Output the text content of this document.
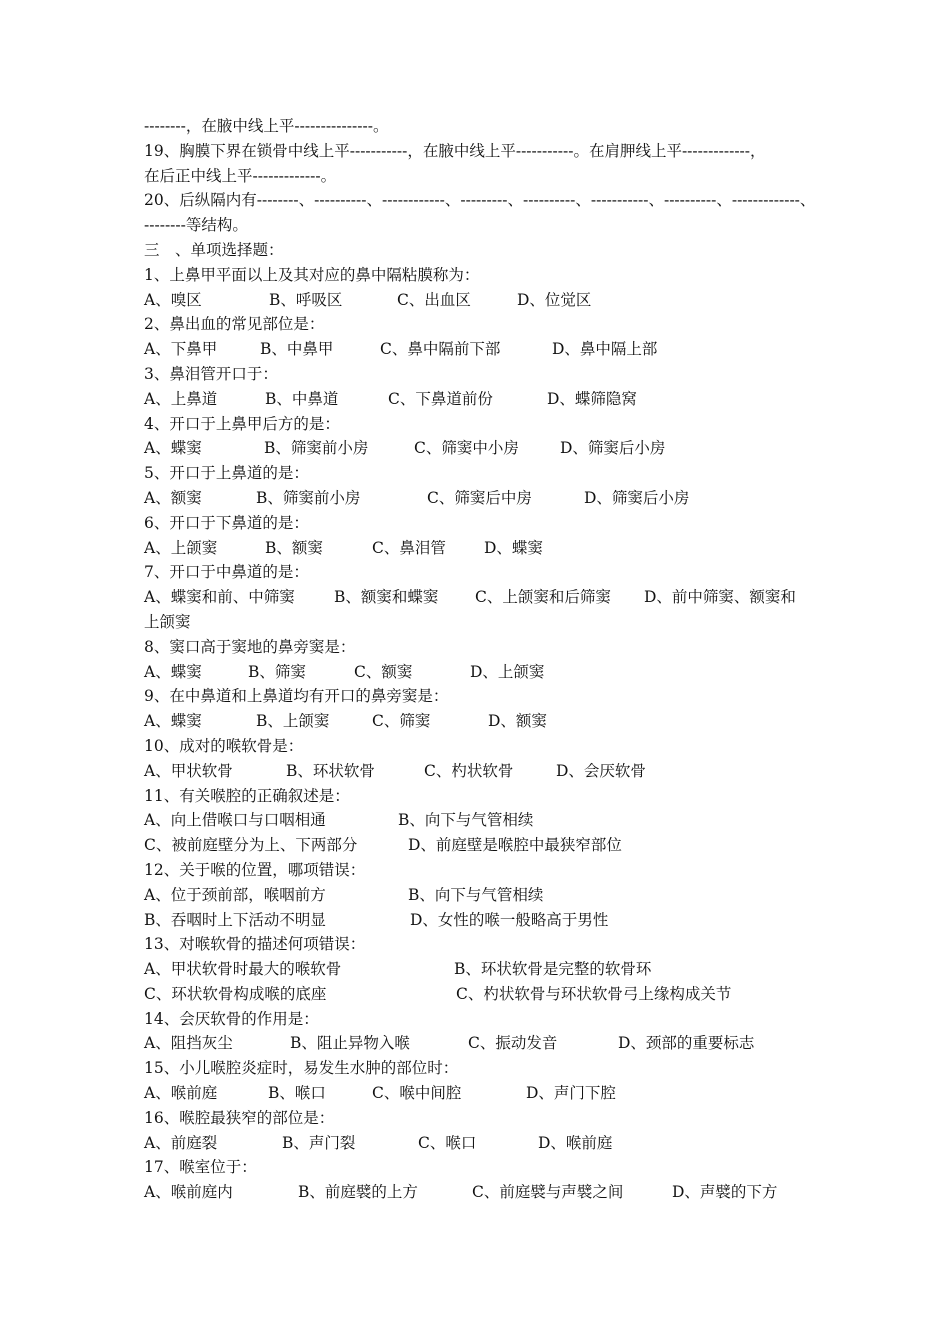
--------，在腋中线上平---------------。
19、胸膜下界在锁骨中线上平-----------，在腋中线上平-----------。在肩胛线上平-------------，
在后正中线上平-------------。
20、后纵隔内有--------、----------、------------、---------、----------、-----------、----------、-------------、
--------等结构。
三　、单项选择题：
1、上鼻甲平面以上及其对应的鼻中隔粘膜称为：
A、嗅区	B、呼吸区	C、出血区	D、位觉区
2、鼻出血的常见部位是：
A、下鼻甲	B、中鼻甲	C、鼻中隔前下部	D、鼻中隔上部
3、鼻泪管开口于：
A、上鼻道	B、中鼻道	C、下鼻道前份	D、蝶筛隐窝
4、开口于上鼻甲后方的是：
A、蝶窦	B、筛窦前小房	C、筛窦中小房	D、筛窦后小房
5、开口于上鼻道的是：
A、额窦	B、筛窦前小房	C、筛窦后中房	D、筛窦后小房
6、开口于下鼻道的是：
A、上颌窦	B、额窦	C、鼻泪管 D、蝶窦
7、开口于中鼻道的是：
A、蝶窦和前、中筛窦	B、额窦和蝶窦 C、上颌窦和后筛窦 D、前中筛窦、额窦和
上颌窦
8、窦口高于窦地的鼻旁窦是：
A、蝶窦	B、筛窦	C、额窦	D、上颌窦
9、在中鼻道和上鼻道均有开口的鼻旁窦是：
A、蝶窦	B、上颌窦	C、筛窦	D、额窦
10、成对的喉软骨是：
A、甲状软骨	B、环状软骨	C、杓状软骨	D、会厌软骨
11、有关喉腔的正确叙述是：
A、向上借喉口与口咽相通	B、向下与气管相续
C、被前庭壁分为上、下两部分	D、前庭壁是喉腔中最狭窄部位
12、关于喉的位置，哪项错误：
A、位于颈前部，喉咽前方	B、向下与气管相续
B、吞咽时上下活动不明显	D、女性的喉一般略高于男性
13、对喉软骨的描述何项错误：
A、甲状软骨时最大的喉软骨	B、环状软骨是完整的软骨环
C、环状软骨构成喉的底座	C、杓状软骨与环状软骨弓上缘构成关节
14、会厌软骨的作用是：
A、阻挡灰尘	B、阻止异物入喉	C、振动发音	D、颈部的重要标志
15、小儿喉腔炎症时，易发生水肿的部位时：
A、喉前庭	B、喉口	C、喉中间腔	D、声门下腔
16、喉腔最狭窄的部位是：
A、前庭裂	B、声门裂	C、喉口	D、喉前庭
17、喉室位于：
A、喉前庭内	B、前庭襞的上方	C、前庭襞与声襞之间	D、声襞的下方
